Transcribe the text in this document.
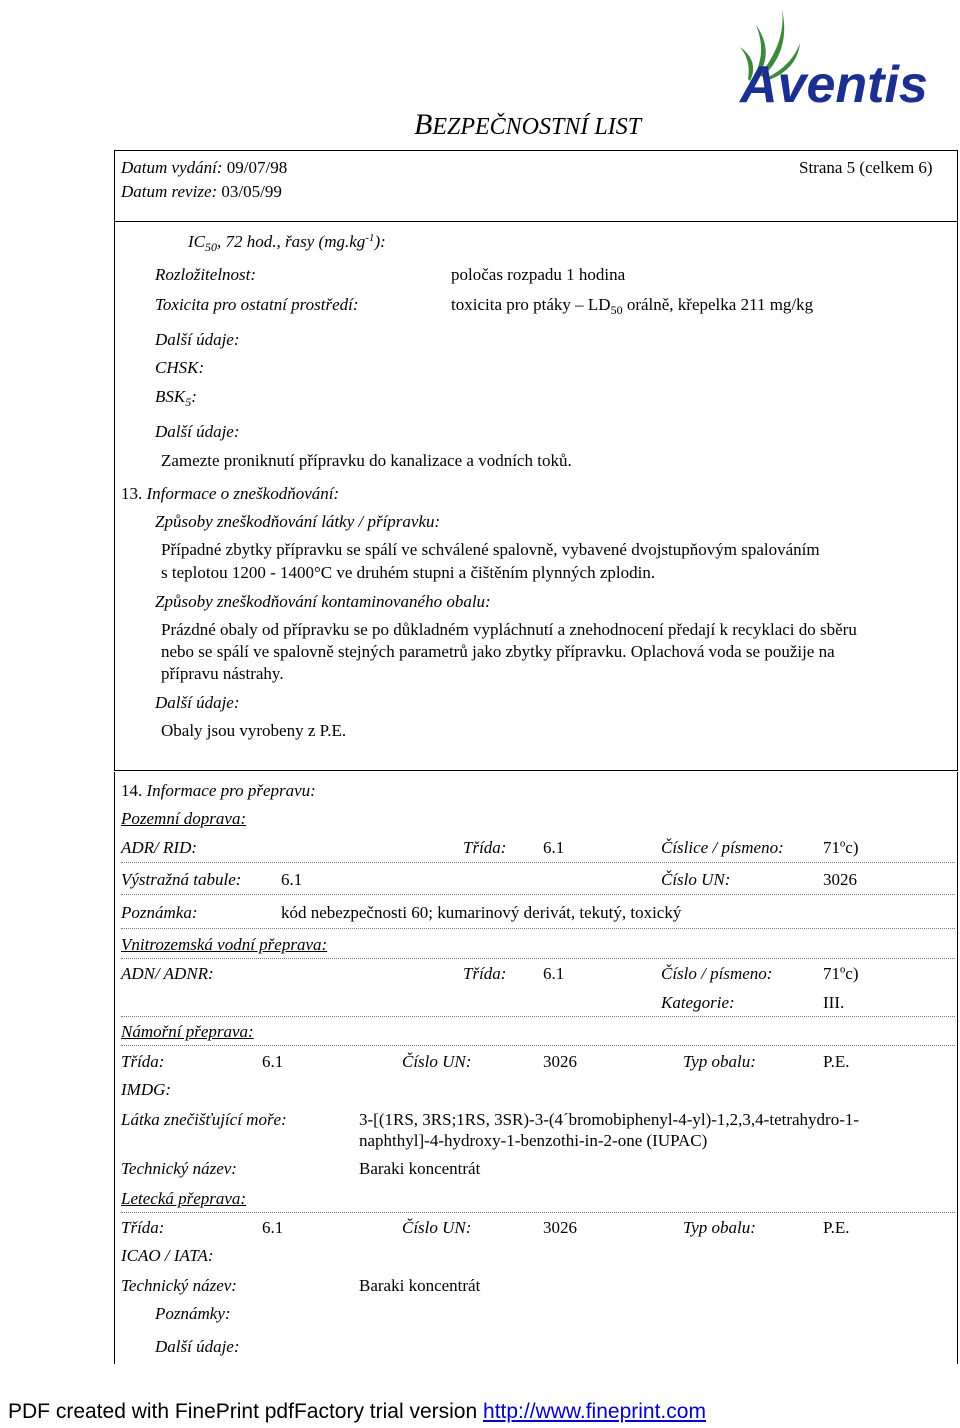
Aventis
BEZPEČNOSTNÍ LIST
Datum vydání: 09/07/98
Datum revize: 03/05/99
Strana 5 (celkem 6)
$IC_{50}$, 72 hod., řasy $(mg.kg^{-1})$:
Rozložitelnost:	poločas rozpadu 1 hodina
Toxicita pro ostatní prostředí:	toxicita pro ptáky – $LD_{50}$ orálně, křepelka 211 mg/kg
Další údaje:
CHSK:
$BSK_5$:
Další údaje:
Zamezte proniknutí přípravku do kanalizace a vodních toků.
13. Informace o zneškodňování:
Způsoby zneškodňování látky / přípravku:
Případné zbytky přípravku se spálí ve schválené spalovně, vybavené dvojstupňovým spalováním
s teplotou 1200 - 1400°C ve druhém stupni a čištěním plynných zplodin.
Způsoby zneškodňování kontaminovaného obalu:
Prázdné obaly od přípravku se po důkladném vypláchnutí a znehodnocení předají k recyklaci do sběru
nebo se spálí ve spalovně stejných parametrů jako zbytky přípravku. Oplachová voda se použije na
přípravu nástrahy.
Další údaje:
Obaly jsou vyrobeny z P.E.
14. Informace pro přepravu:
Pozemní doprava:
ADR/ RID:	Třída: 6.1	Číslice / písmeno: 71ºc)
Výstražná tabule: 6.1	Číslo UN:	3026
Poznámka:	kód nebezpečnosti 60; kumarinový derivát, tekutý, toxický
Vnitrozemská vodní přeprava:
ADN/ ADNR:	Třída: 6.1	Číslo / písmeno:	71ºc)
Kategorie:	III.
Námořní přeprava:
Třída:	6.1	Číslo UN:	3026	Typ obalu:	P.E.
IMDG:
Látka znečišťující moře:	3-[(1RS, 3RS;1RS, 3SR)-3-(4´bromobiphenyl-4-yl)-1,2,3,4-tetrahydro-1-
naphthyl]-4-hydroxy-1-benzothi-in-2-one (IUPAC)
Technický název:	Baraki koncentrát
Letecká přeprava:
Třída:	6.1	Číslo UN:	3026	Typ obalu:	P.E.
ICAO / IATA:
Technický název:	Baraki koncentrát
Poznámky:
Další údaje:
PDF created with FinePrint pdfFactory trial version http://www.fineprint.com
